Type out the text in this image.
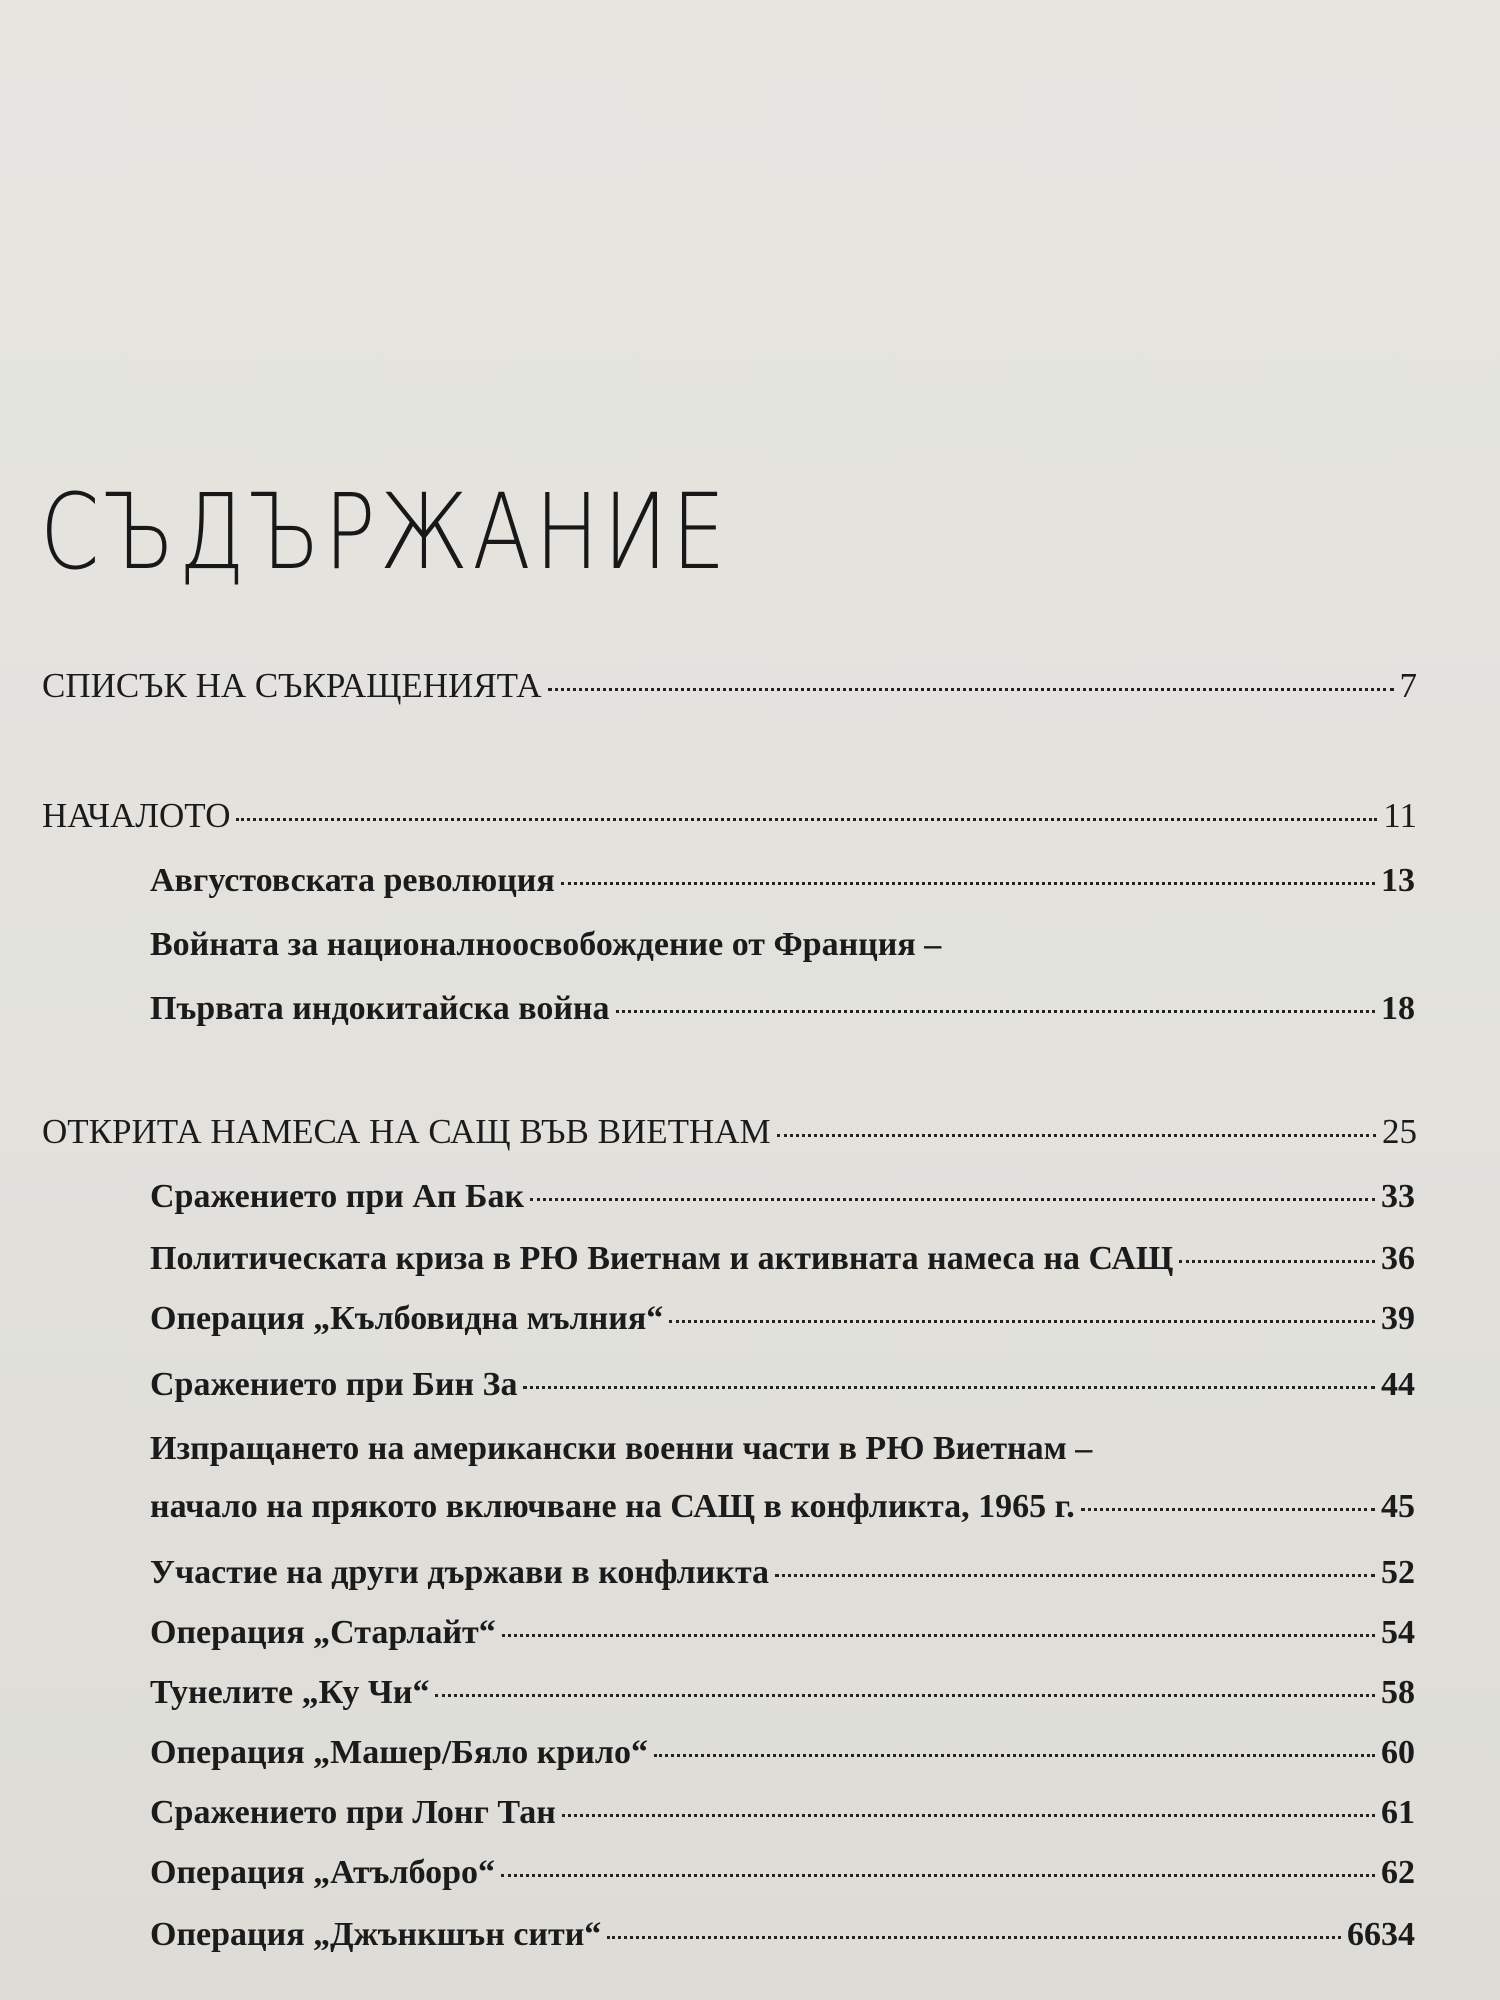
СЪДЪРЖАНИЕ
СПИСЪК НА СЪКРАЩЕНИЯТА	7
НАЧАЛОТО	11
Августовската революция	13
Войната за националноосвобождение от Франция –
Първата индокитайска война	18
ОТКРИТА НАМЕСА НА САЩ ВЪВ ВИЕТНАМ	25
Сражението при Ап Бак	33
Политическата криза в РЮ Виетнам и активната намеса на САЩ	36
Операция „Кълбовидна мълния“	39
Сражението при Бин За	44
Изпращането на американски военни части в РЮ Виетнам –
начало на прякото включване на САЩ в конфликта, 1965 г.	45
Участие на други държави в конфликта	52
Операция „Старлайт“	54
Тунелите „Ку Чи“	58
Операция „Машер/Бяло крило“	60
Сражението при Лонг Тан	61
Операция „Атълборо“	62
Операция „Джънкшън сити“	6634
